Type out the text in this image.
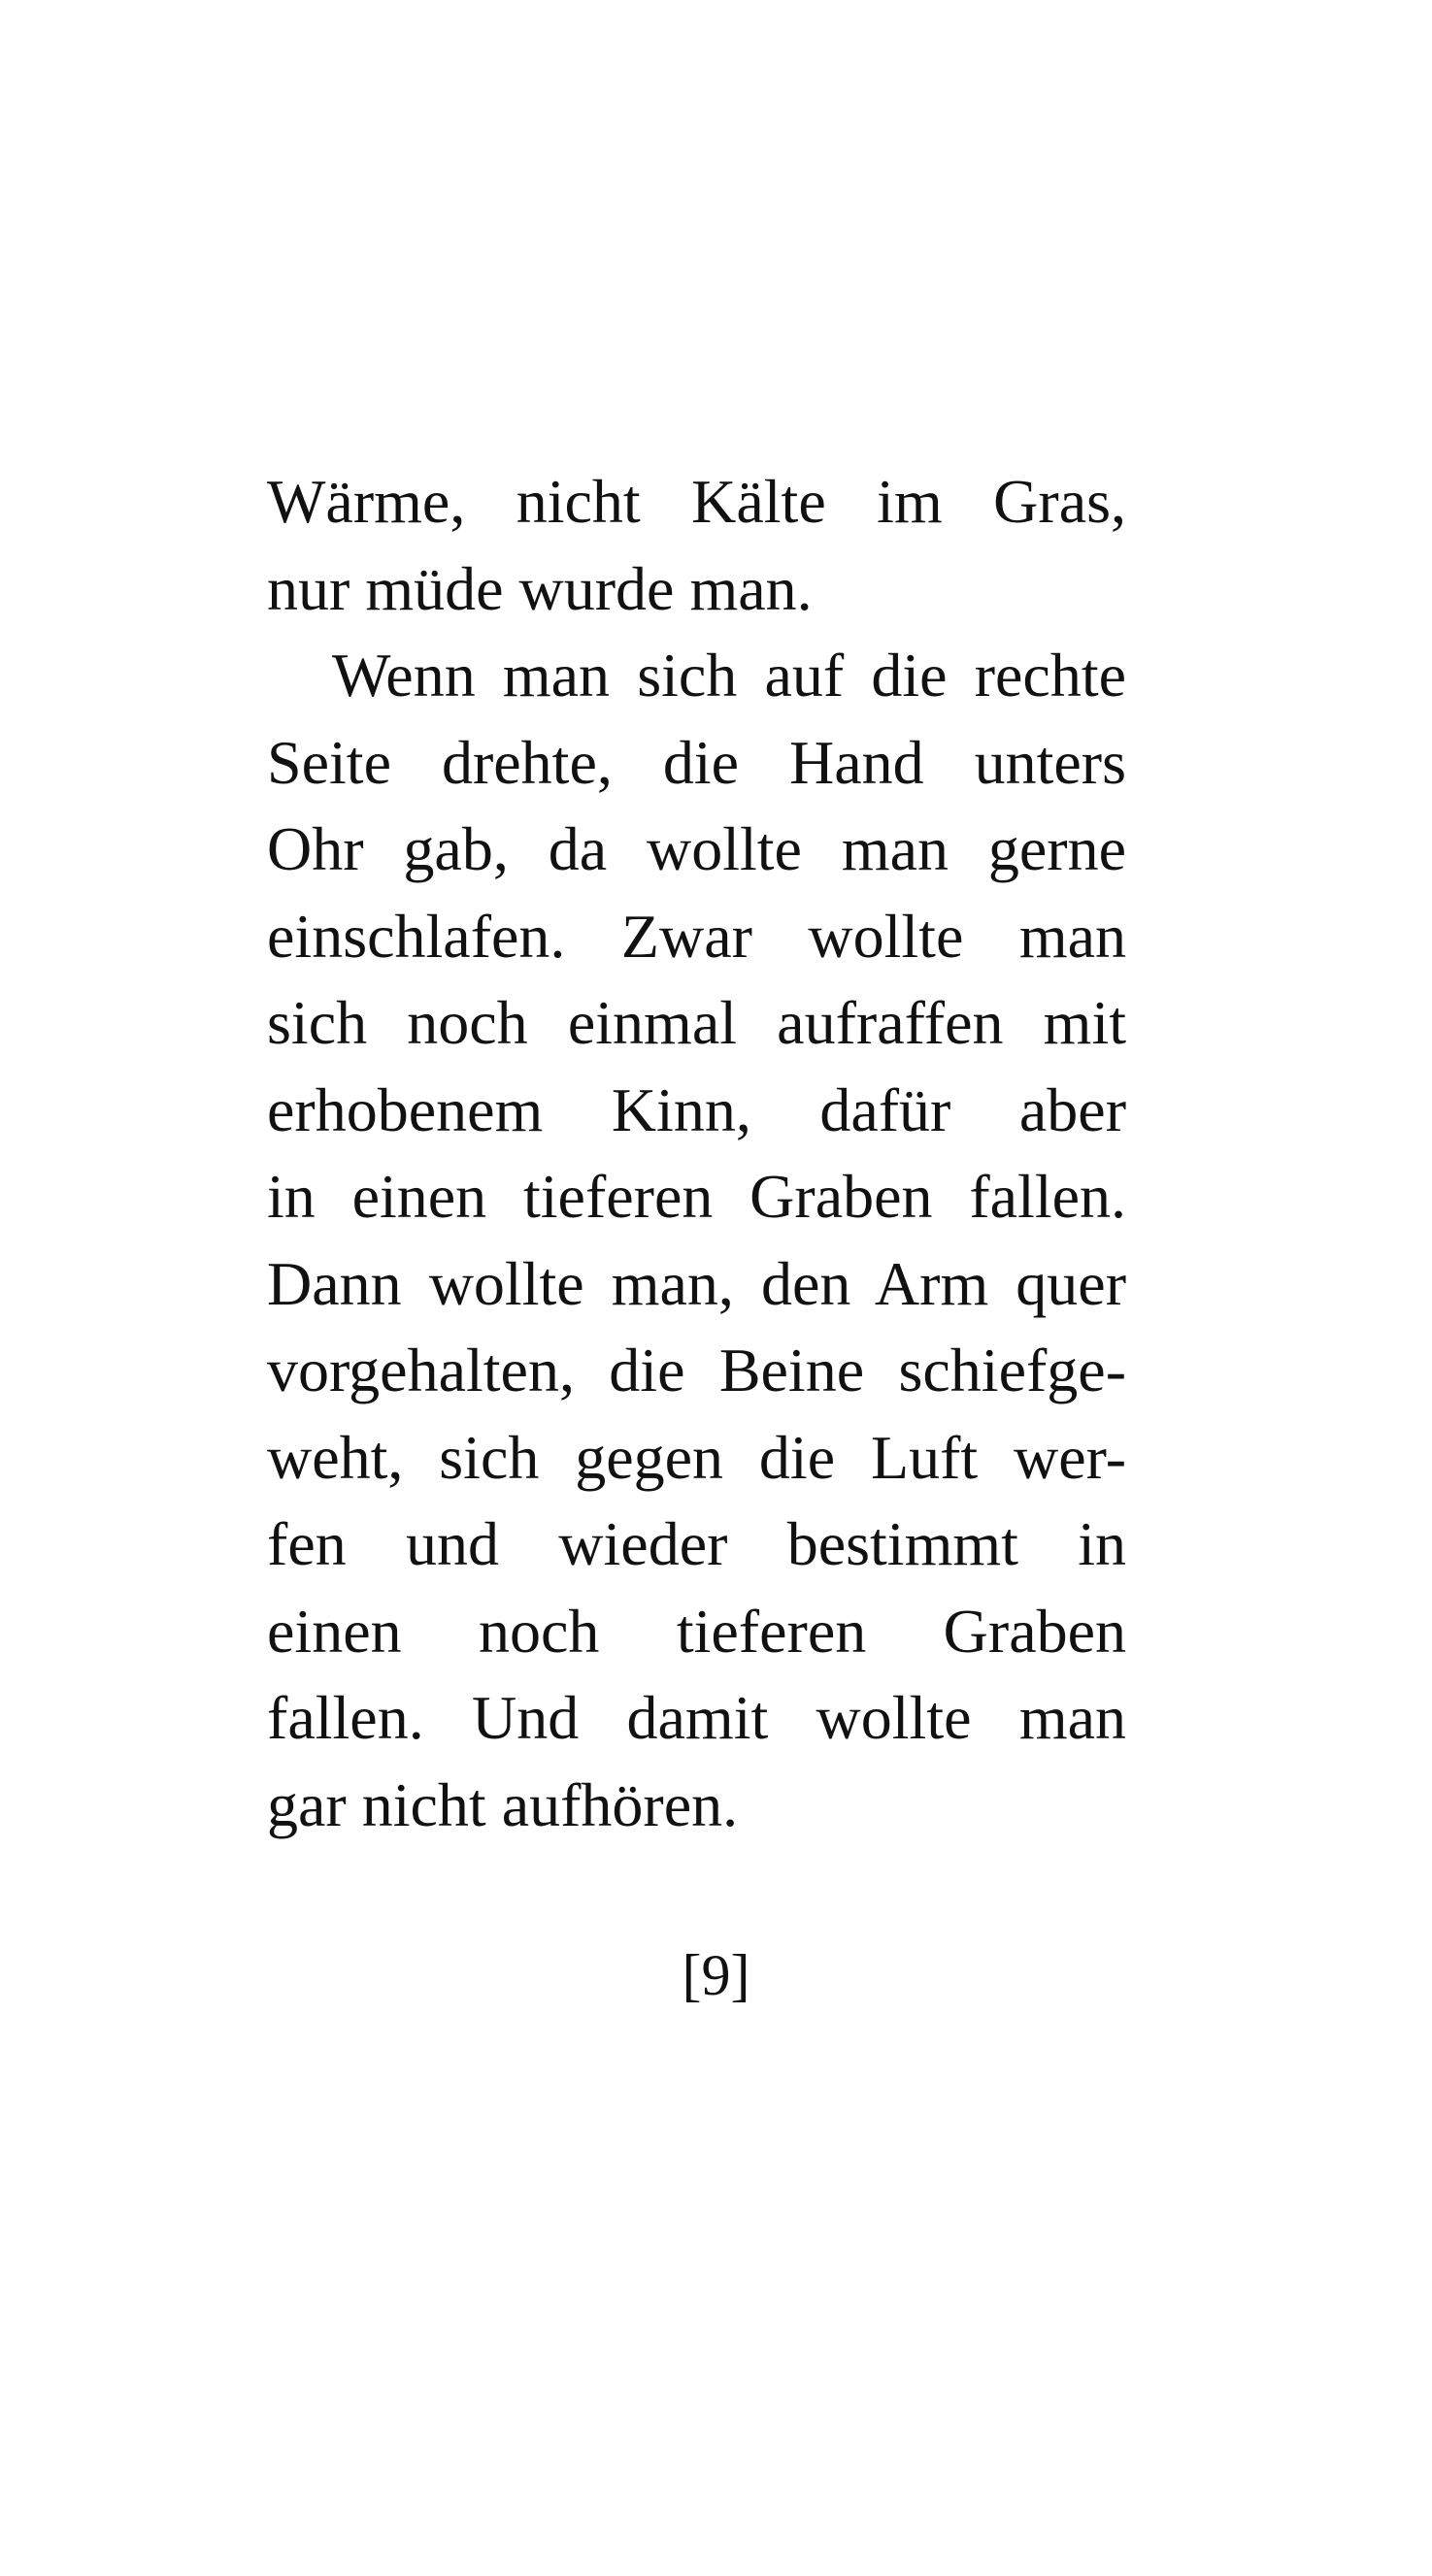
Wärme, nicht Kälte im Gras,
nur müde wurde man.
Wenn man sich auf die rechte
Seite drehte, die Hand unters
Ohr gab, da wollte man gerne
einschlafen. Zwar wollte man
sich noch einmal aufraffen mit
erhobenem Kinn, dafür aber
in einen tieferen Graben fallen.
Dann wollte man, den Arm quer
vorgehalten, die Beine schiefge-
weht, sich gegen die Luft wer-
fen und wieder bestimmt in
einen noch tieferen Graben
fallen. Und damit wollte man
gar nicht aufhören.
[9]
